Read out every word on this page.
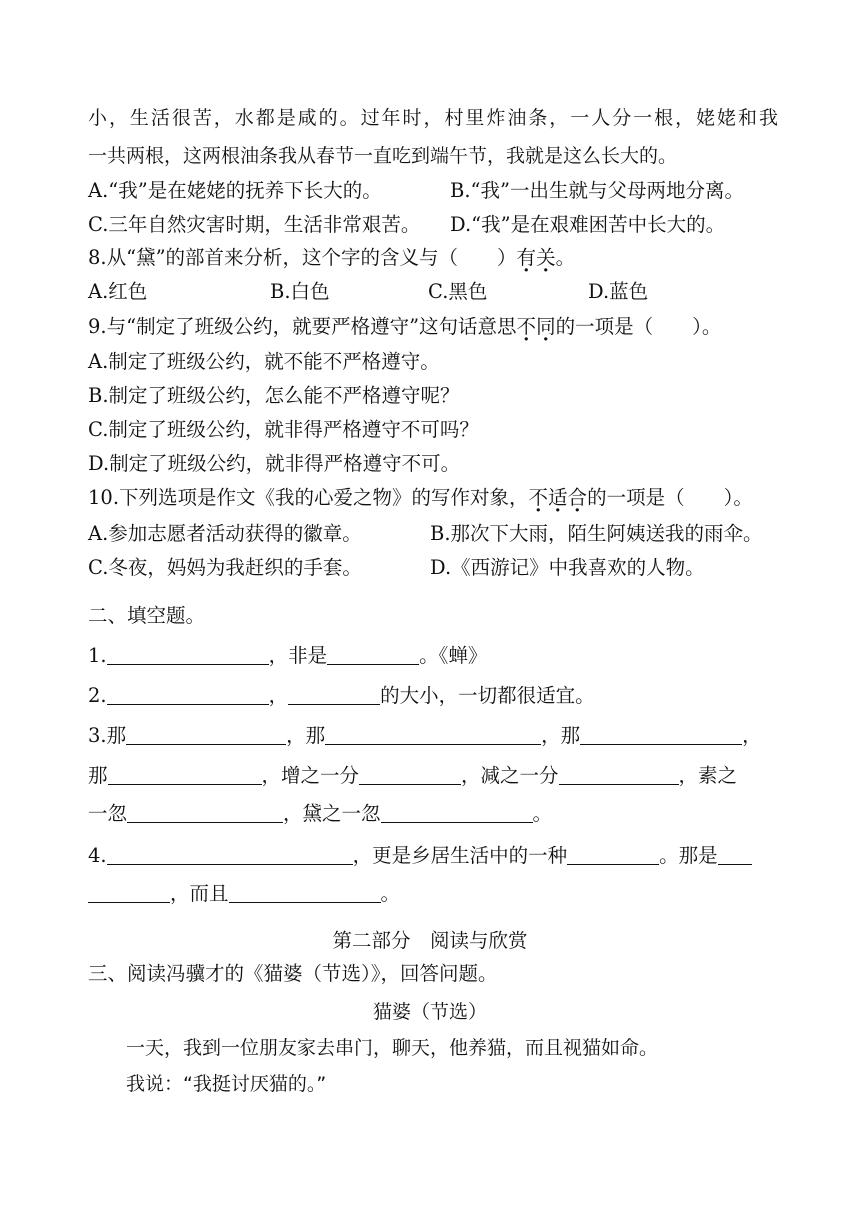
小，生活很苦，水都是咸的。过年时，村里炸油条，一人分一根，姥姥和我
一共两根，这两根油条我从春节一直吃到端午节，我就是这么长大的。
A.“我”是在姥姥的抚养下长大的。	B.“我”一出生就与父母两地分离。
C.三年自然灾害时期，生活非常艰苦。 D.“我”是在艰难困苦中长大的。
8.从“黛”的部首来分析，这个字的含义与（　　）有关。
A.红色	B.白色	C.黑色	D.蓝色
9.与“制定了班级公约，就要严格遵守”这句话意思不同的一项是（　　）。
A.制定了班级公约，就不能不严格遵守。
B.制定了班级公约，怎么能不严格遵守呢？
C.制定了班级公约，就非得严格遵守不可吗？
D.制定了班级公约，就非得严格遵守不可。
10.下列选项是作文《我的心爱之物》的写作对象，不适合的一项是（　　）。
A.参加志愿者活动获得的徽章。	B.那次下大雨，陌生阿姨送我的雨伞。
C.冬夜，妈妈为我赶织的手套。	D.《西游记》中我喜欢的人物。
二、填空题。
1.	，非是	。《蝉》
2.	，	的大小，一切都很适宜。
3.那	，那	，那	，
那	，增之一分	，减之一分	，素之
一忽	，黛之一忽	。
4.	，更是乡居生活中的一种	。那是
，而且	。
第二部分　阅读与欣赏
三、阅读冯骥才的《猫婆（节选）》，回答问题。
猫婆（节选）
一天，我到一位朋友家去串门，聊天，他养猫，而且视猫如命。
我说：“我挺讨厌猫的。”
